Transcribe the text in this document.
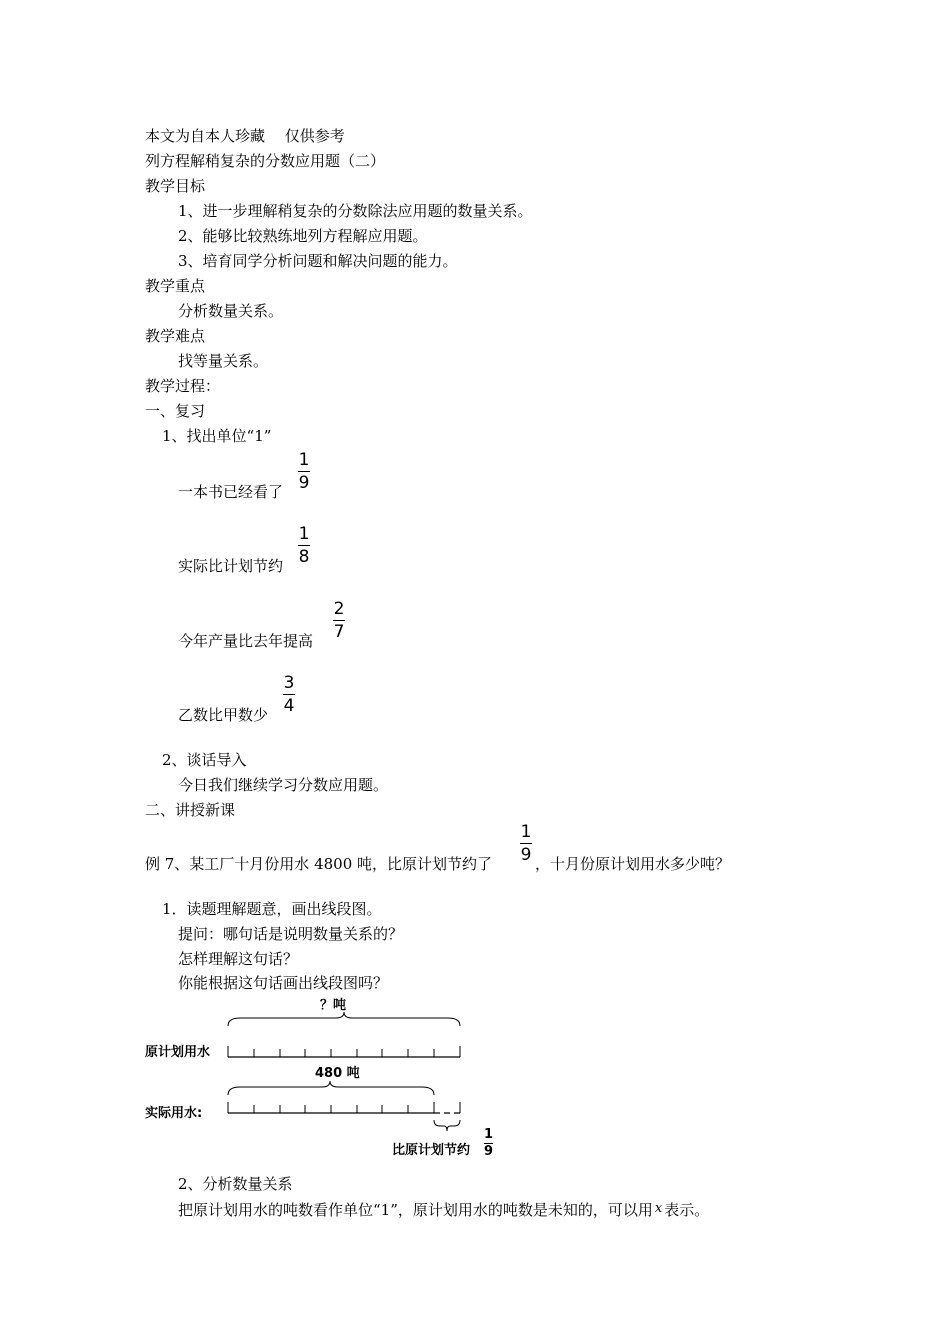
本文为自本人珍藏　 仅供参考
列方程解稍复杂的分数应用题（二）
教学目标
1、进一步理解稍复杂的分数除法应用题的数量关系。
2、能够比较熟练地列方程解应用题。
3、培育同学分析问题和解决问题的能力。
教学重点
分析数量关系。
教学难点
找等量关系。
教学过程：
一、复习
1、找出单位“1”
一本书已经看了
1
9
实际比计划节约
1
8
今年产量比去年提高
2
7
乙数比甲数少
3
4
2、谈话导入
今日我们继续学习分数应用题。
二、讲授新课
例 7、某工厂十月份用水 4800 吨，比原计划节约了
1
9 ，十月份原计划用水多少吨？
1．读题理解题意，画出线段图。
提问：哪句话是说明数量关系的？
怎样理解这句话？
你能根据这句话画出线段图吗？
？吨
原计划用水
480 吨
实际用水:
比原计划节约
1
9
2、分析数量关系
把原计划用水的吨数看作单位“1”，原计划用水的吨数是未知的，可以用 x 表示。
